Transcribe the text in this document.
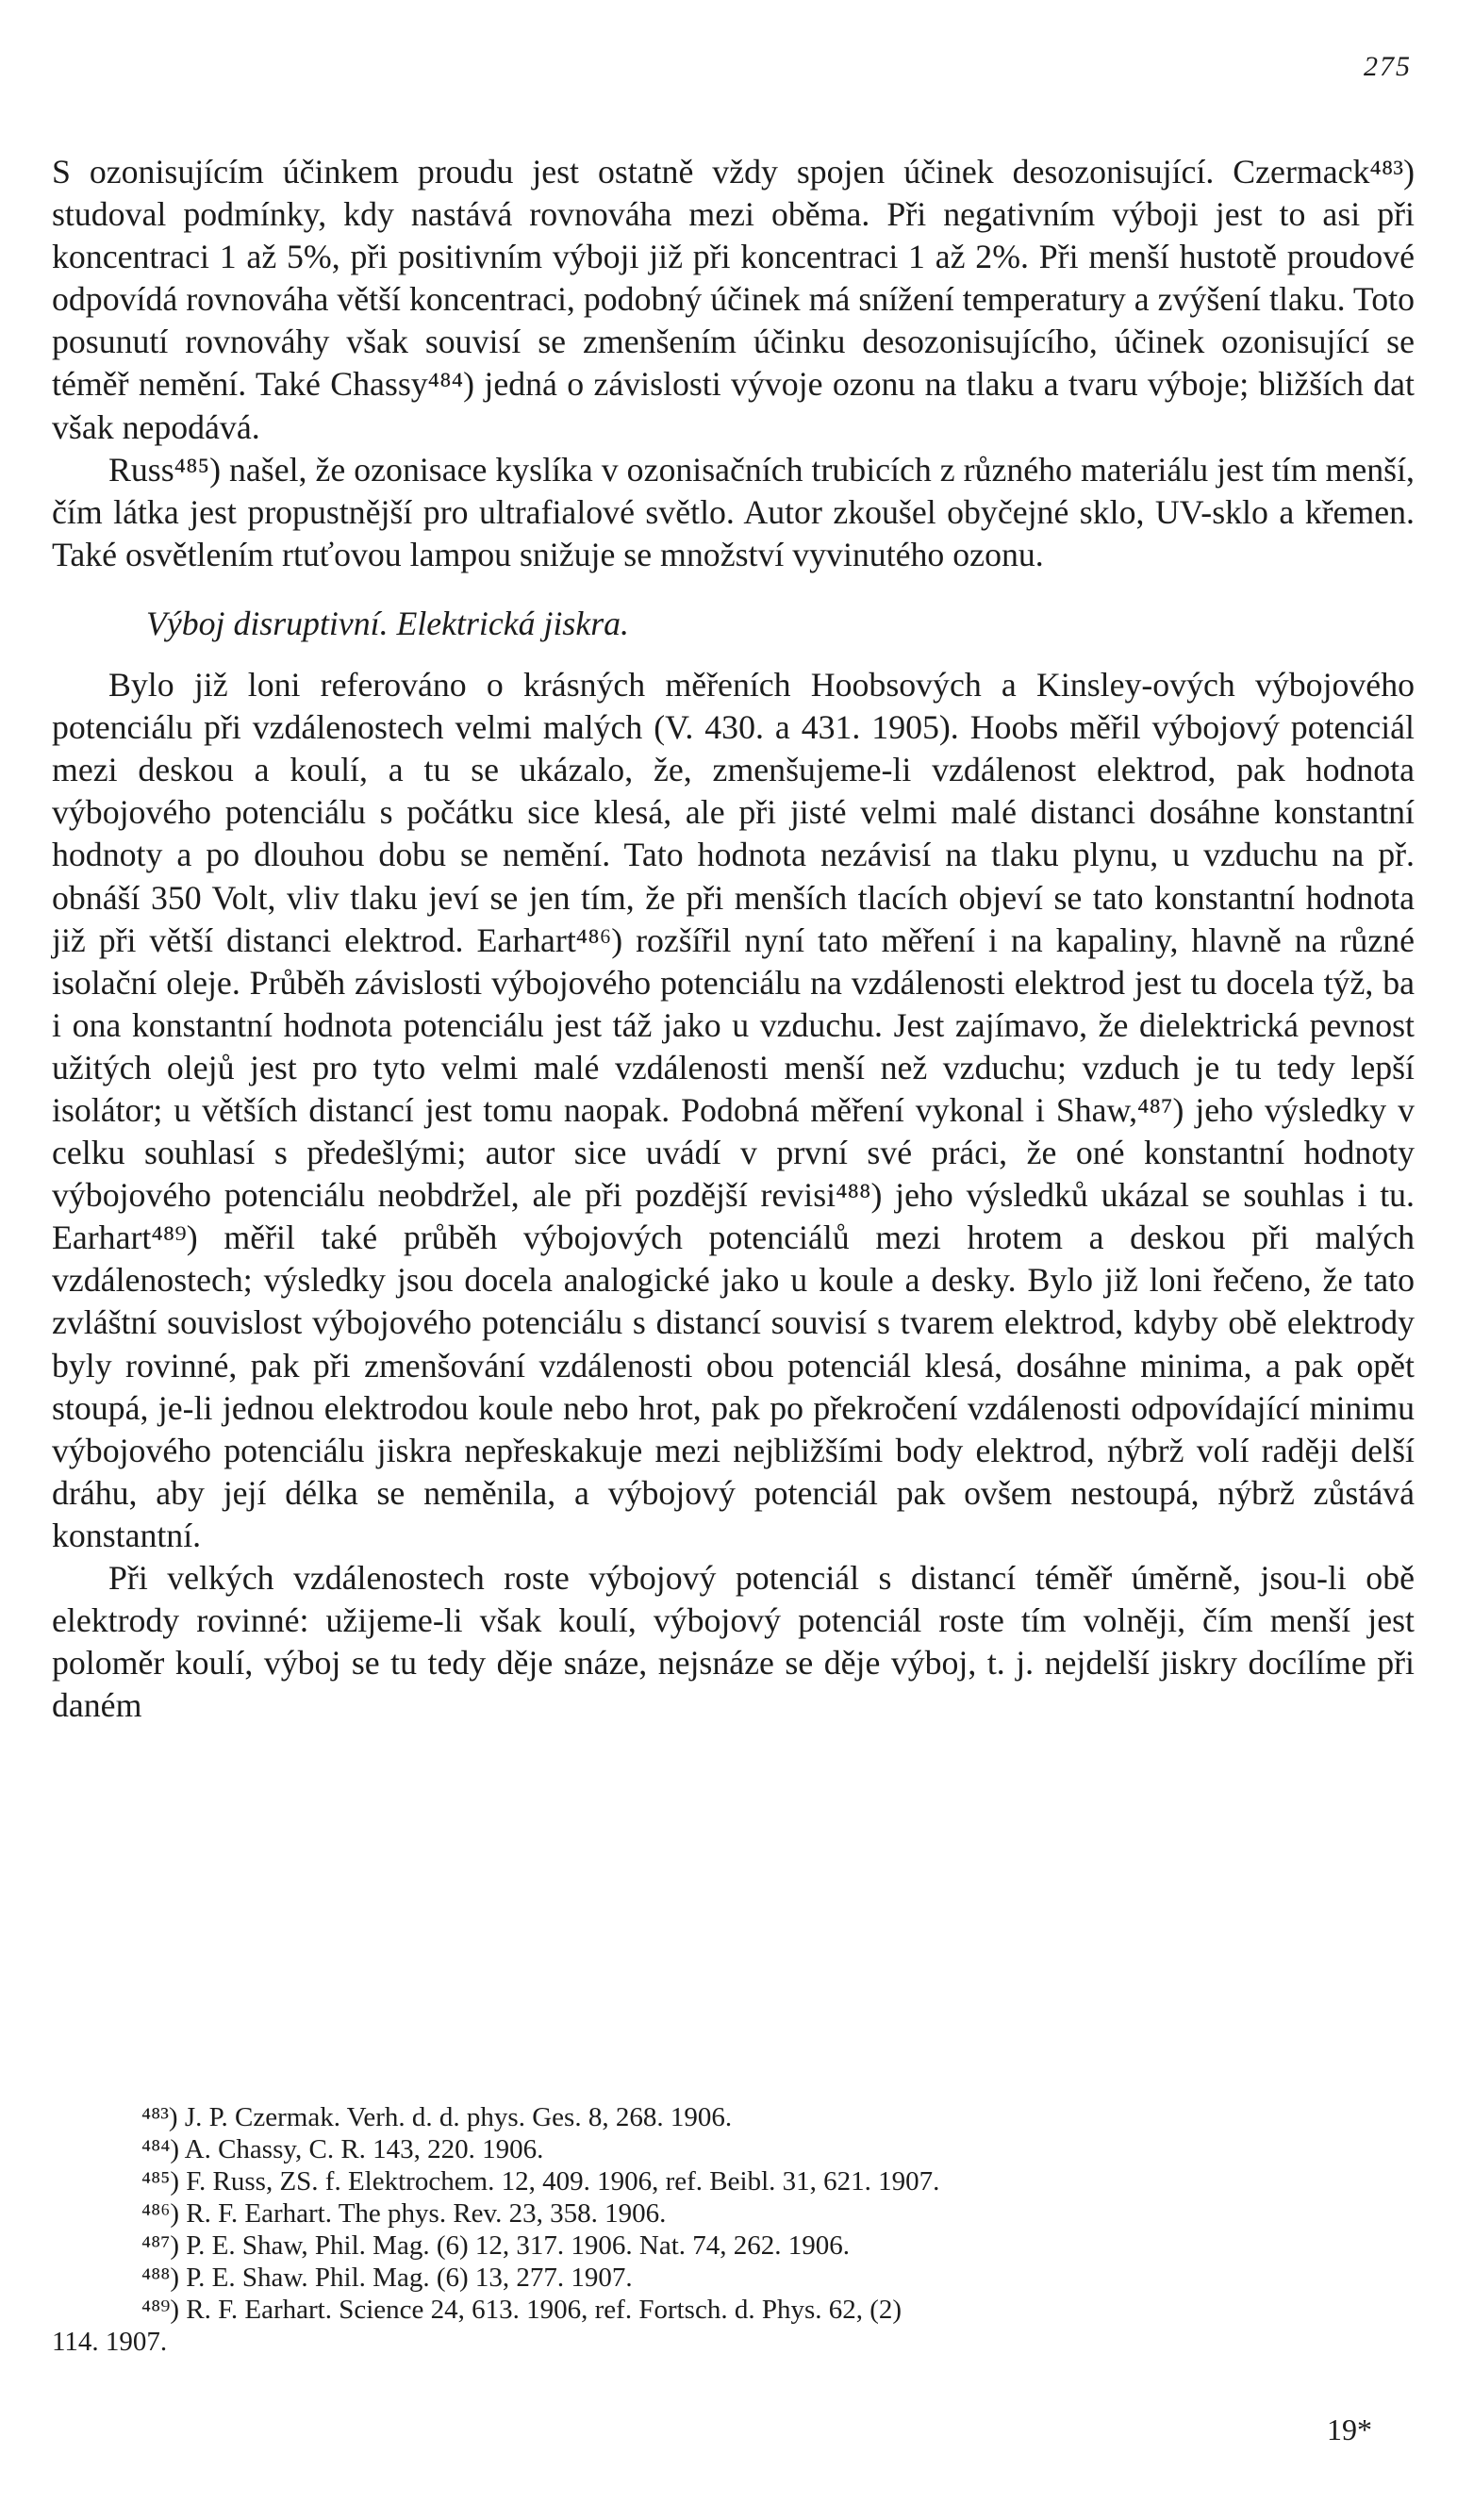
275

S ozonisujícím účinkem proudu jest ostatně vždy spojen účinek desozonisující. Czermack⁴⁸³) studoval podmínky, kdy nastává rovnováha mezi oběma. Při negativním výboji jest to asi při koncentraci 1 až 5%, při positivním výboji již při koncentraci 1 až 2%. Při menší hustotě proudové odpovídá rovnováha větší koncentraci, podobný účinek má snížení temperatury a zvýšení tlaku. Toto posunutí rovnováhy však souvisí se zmenšením účinku desozonisujícího, účinek ozonisující se téměř nemění. Také Chassy⁴⁸⁴) jedná o závislosti vývoje ozonu na tlaku a tvaru výboje; bližších dat však nepodává.

Russ⁴⁸⁵) našel, že ozonisace kyslíka v ozonisačních trubicích z různého materiálu jest tím menší, čím látka jest propustnější pro ultrafialové světlo. Autor zkoušel obyčejné sklo, UV-sklo a křemen. Také osvětlením rtuťovou lampou snižuje se množství vyvinutého ozonu.

Výboj disruptivní. Elektrická jiskra.

Bylo již loni referováno o krásných měřeních Hoobsových a Kinsley-ových výbojového potenciálu při vzdálenostech velmi malých (V. 430. a 431. 1905). Hoobs měřil výbojový potenciál mezi deskou a koulí, a tu se ukázalo, že, zmenšujeme-li vzdálenost elektrod, pak hodnota výbojového potenciálu s počátku sice klesá, ale při jisté velmi malé distanci dosáhne konstantní hodnoty a po dlouhou dobu se nemění. Tato hodnota nezávisí na tlaku plynu, u vzduchu na př. obnáší 350 Volt, vliv tlaku jeví se jen tím, že při menších tlacích objeví se tato konstantní hodnota již při větší distanci elektrod. Earhart⁴⁸⁶) rozšířil nyní tato měření i na kapaliny, hlavně na různé isolační oleje. Průběh závislosti výbojového potenciálu na vzdálenosti elektrod jest tu docela týž, ba i ona konstantní hodnota potenciálu jest táž jako u vzduchu. Jest zajímavo, že dielektrická pevnost užitých olejů jest pro tyto velmi malé vzdálenosti menší než vzduchu; vzduch je tu tedy lepší isolátor; u větších distancí jest tomu naopak. Podobná měření vykonal i Shaw,⁴⁸⁷) jeho výsledky v celku souhlasí s předešlými; autor sice uvádí v první své práci, že oné konstantní hodnoty výbojového potenciálu neobdržel, ale při pozdější revisi⁴⁸⁸) jeho výsledků ukázal se souhlas i tu. Earhart⁴⁸⁹) měřil také průběh výbojových potenciálů mezi hrotem a deskou při malých vzdálenostech; výsledky jsou docela analogické jako u koule a desky. Bylo již loni řečeno, že tato zvláštní souvislost výbojového potenciálu s distancí souvisí s tvarem elektrod, kdyby obě elektrody byly rovinné, pak při zmenšování vzdálenosti obou potenciál klesá, dosáhne minima, a pak opět stoupá, je-li jednou elektrodou koule nebo hrot, pak po překročení vzdálenosti odpovídající minimu výbojového potenciálu jiskra nepřeskakuje mezi nejbližšími body elektrod, nýbrž volí raději delší dráhu, aby její délka se neměnila, a výbojový potenciál pak ovšem nestoupá, nýbrž zůstává konstantní.

Při velkých vzdálenostech roste výbojový potenciál s distancí téměř úměrně, jsou-li obě elektrody rovinné: užijeme-li však koulí, výbojový potenciál roste tím volněji, čím menší jest poloměr koulí, výboj se tu tedy děje snáze, nejsnáze se děje výboj, t. j. nejdelší jiskry docílíme při daném

⁴⁸³) J. P. Czermak. Verh. d. d. phys. Ges. 8, 268. 1906.

⁴⁸⁴) A. Chassy, C. R. 143, 220. 1906.

⁴⁸⁵) F. Russ, ZS. f. Elektrochem. 12, 409. 1906, ref. Beibl. 31, 621. 1907.

⁴⁸⁶) R. F. Earhart. The phys. Rev. 23, 358. 1906.

⁴⁸⁷) P. E. Shaw, Phil. Mag. (6) 12, 317. 1906. Nat. 74, 262. 1906.

⁴⁸⁸) P. E. Shaw. Phil. Mag. (6) 13, 277. 1907.

⁴⁸⁹) R. F. Earhart. Science 24, 613. 1906, ref. Fortsch. d. Phys. 62, (2)

114. 1907.

19*
